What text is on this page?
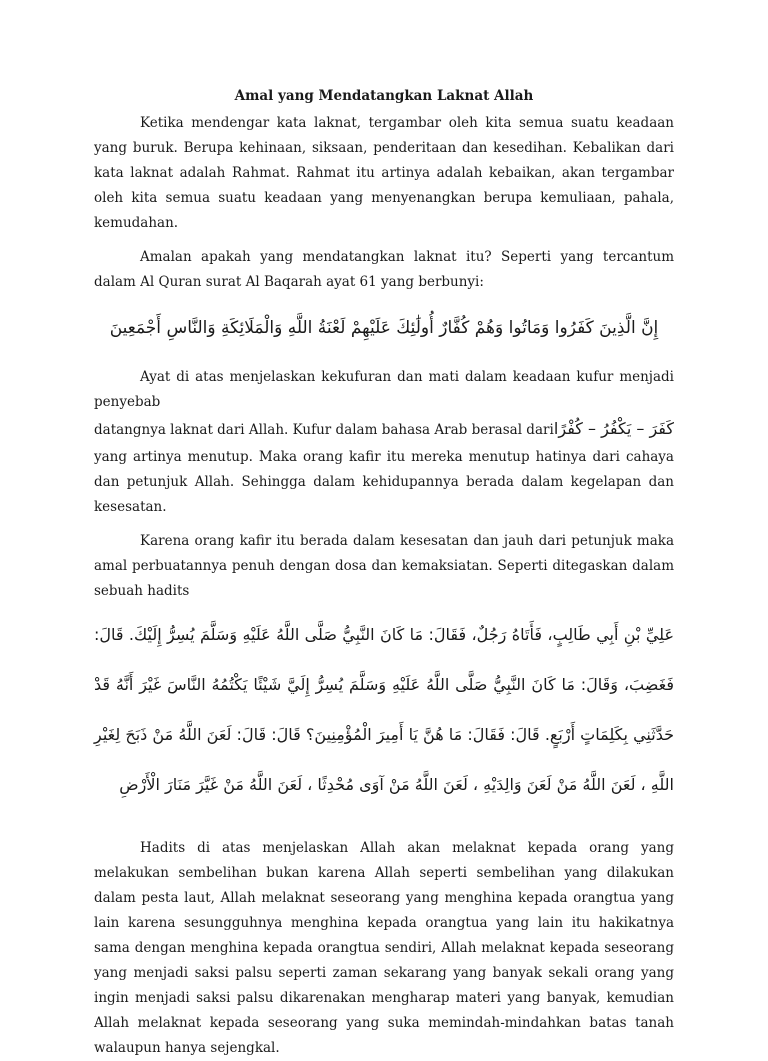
Amal yang Mendatangkan Laknat Allah

Ketika mendengar kata laknat, tergambar oleh kita semua suatu keadaan yang buruk. Berupa kehinaan, siksaan, penderitaan dan kesedihan. Kebalikan dari kata laknat adalah Rahmat. Rahmat itu artinya adalah kebaikan, akan tergambar oleh kita semua suatu keadaan yang menyenangkan berupa kemuliaan, pahala, kemudahan.

Amalan apakah yang mendatangkan laknat itu? Seperti yang tercantum dalam Al Quran surat Al Baqarah ayat 61 yang berbunyi:

إِنَّ الَّذِينَ كَفَرُوا وَمَاتُوا وَهُمْ كُفَّارٌ أُولَٰئِكَ عَلَيْهِمْ لَعْنَةُ اللَّهِ وَالْمَلَائِكَةِ وَالنَّاسِ أَجْمَعِينَ

Ayat di atas menjelaskan kekufuran dan mati dalam keadaan kufur menjadi penyebab

datangnya laknat dari Allah. Kufur dalam bahasa Arab berasal dari كَفَرَ – يَكْفُرُ – كُفْرًا

yang artinya menutup. Maka orang kafir itu mereka menutup hatinya dari cahaya dan petunjuk Allah. Sehingga dalam kehidupannya berada dalam kegelapan dan kesesatan.

Karena orang kafir itu berada dalam kesesatan dan jauh dari petunjuk maka amal perbuatannya penuh dengan dosa dan kemaksiatan. Seperti ditegaskan dalam sebuah hadits

عَلِيِّ بْنِ أَبِي طَالِبٍ، فَأَتَاهُ رَجُلٌ، فَقَالَ: مَا كَانَ النَّبِيُّ صَلَّى اللَّهُ عَلَيْهِ وَسَلَّمَ يُسِرُّ إِلَيْكَ. قَالَ: فَغَضِبَ، وَقَالَ: مَا كَانَ النَّبِيُّ صَلَّى اللَّهُ عَلَيْهِ وَسَلَّمَ يُسِرُّ إِلَيَّ شَيْئًا يَكْتُمُهُ النَّاسَ غَيْرَ أَنَّهُ قَدْ حَدَّثَنِي بِكَلِمَاتٍ أَرْبَعٍ. قَالَ: فَقَالَ: مَا هُنَّ يَا أَمِيرَ الْمُؤْمِنِينَ؟ قَالَ: قَالَ: لَعَنَ اللَّهُ مَنْ ذَبَحَ لِغَيْرِ اللَّهِ ، لَعَنَ اللَّهُ مَنْ لَعَنَ وَالِدَيْهِ ، لَعَنَ اللَّهُ مَنْ آوَى مُحْدِثًا ، لَعَنَ اللَّهُ مَنْ غَيَّرَ مَنَارَ الْأَرْضِ

Hadits di atas menjelaskan Allah akan melaknat kepada orang yang melakukan sembelihan bukan karena Allah seperti sembelihan yang dilakukan dalam pesta laut, Allah melaknat seseorang yang menghina kepada orangtua yang lain karena sesungguhnya menghina kepada orangtua yang lain itu hakikatnya sama dengan menghina kepada orangtua sendiri, Allah melaknat kepada seseorang yang menjadi saksi palsu seperti zaman sekarang yang banyak sekali orang yang ingin menjadi saksi palsu dikarenakan mengharap materi yang banyak, kemudian Allah melaknat kepada seseorang yang suka memindah-mindahkan batas tanah walaupun hanya sejengkal.
